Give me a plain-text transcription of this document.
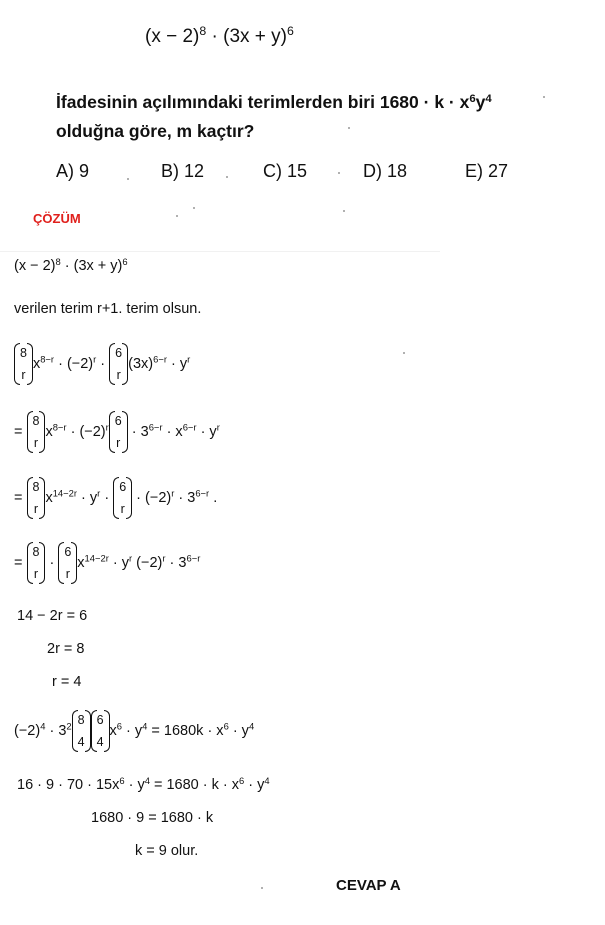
$(x - 2)^8 \cdot (3x + y)^6$
İfadesinin açılımındaki terimlerden biri $1680 \cdot k \cdot x^6y^4$
olduğna göre, m kaçtır?
A) 9	B) 12	C) 15	D) 18	E) 27
ÇÖZÜM
$(x - 2)^8 \cdot (3x + y)^6$
verilen terim r+1. terim olsun.
8
r
$x^{8-r} \cdot (-2)^r$ ·
6
r
$(3x)^{6-r} \cdot y^r$
=
8
r
$x^{8-r} \cdot (-2)^r$ 6
r
· $3^{6-r} \cdot x^{6-r} \cdot y^r$
=
8
r
$x^{14-2r} \cdot y^r$ ·
6
r
· $(-2)^r \cdot 3^{6-r}$ .
=
8
r
·
6
r
$x^{14-2r} \cdot y^r$ $(-2)^r \cdot 3^{6-r}$
14 − 2r = 6
2r = 8
r = 4
$(-2)^4 \cdot 3^2$ 8
4
6
4
$x^6 \cdot y^4 = 1680k \cdot x^6 \cdot y^4$
$16 \cdot 9 \cdot 70 \cdot 15x^6 \cdot y^4 = 1680 \cdot k \cdot x^6 \cdot y^4$
1680 · 9 = 1680 · k
k = 9 olur.
CEVAP A
